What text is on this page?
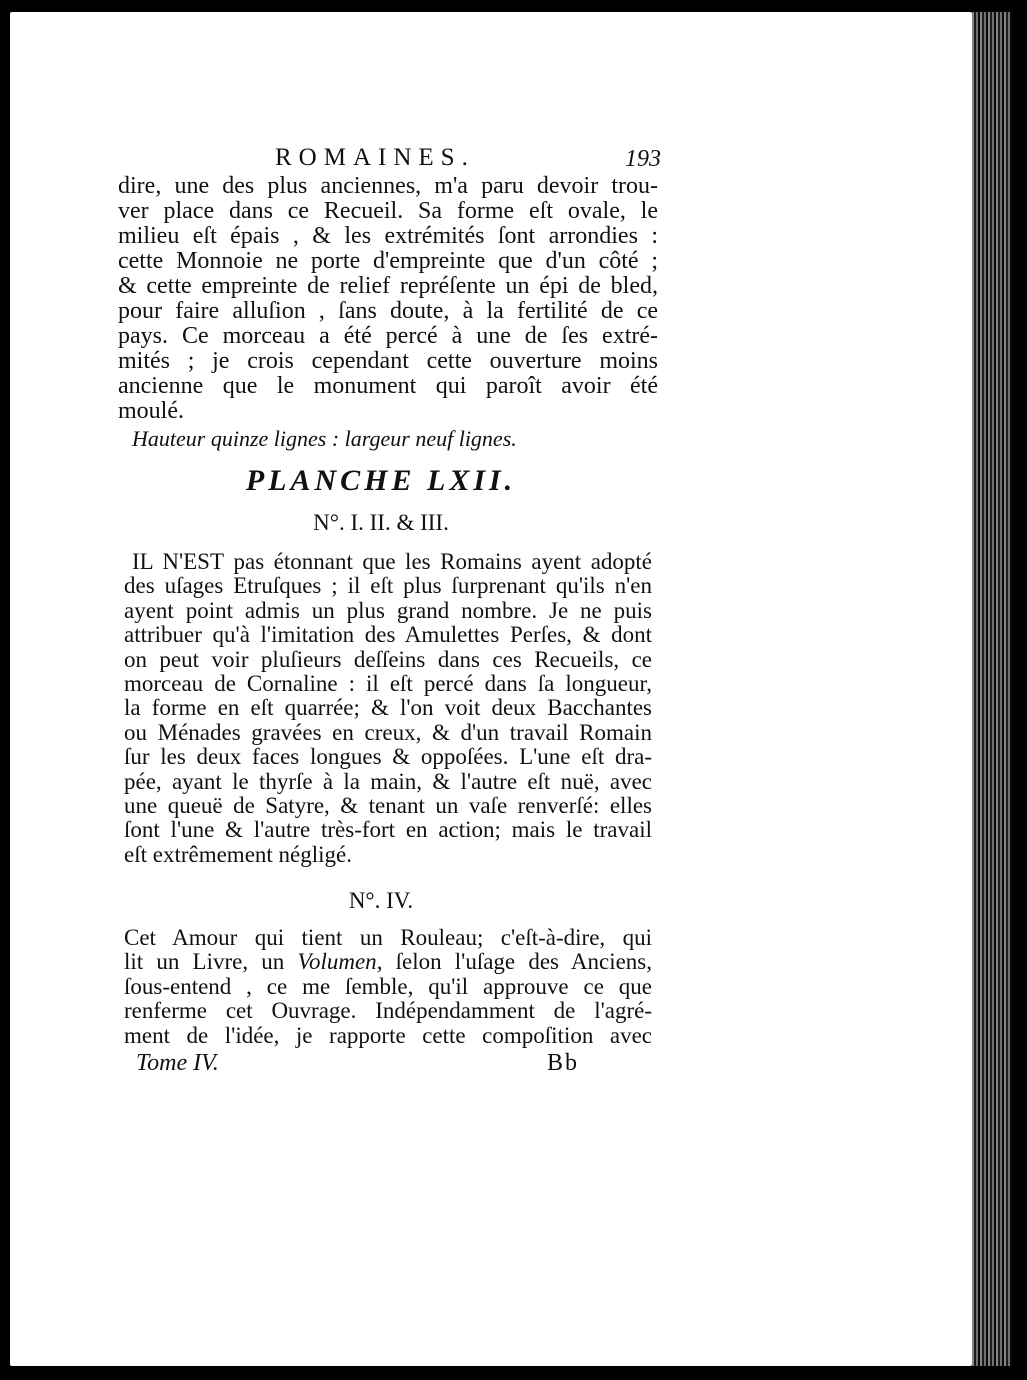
ROMAINES.	193
dire, une des plus anciennes, m'a paru devoir trou-
ver place dans ce Recueil. Sa forme eſt ovale, le
milieu eſt épais , & les extrémités ſont arrondies :
cette Monnoie ne porte d'empreinte que d'un côté ;
& cette empreinte de relief repréſente un épi de bled,
pour faire alluſion , ſans doute, à la fertilité de ce
pays. Ce morceau a été percé à une de ſes extré-
mités ; je crois cependant cette ouverture moins
ancienne que le monument qui paroît avoir été
moulé.
Hauteur quinze lignes : largeur neuf lignes.
PLANCHE LXII.
N°. I. II. & III.
IL N'EST pas étonnant que les Romains ayent adopté
des uſages Etruſques ; il eſt plus ſurprenant qu'ils n'en
ayent point admis un plus grand nombre. Je ne puis
attribuer qu'à l'imitation des Amulettes Perſes, & dont
on peut voir pluſieurs deſſeins dans ces Recueils, ce
morceau de Cornaline : il eſt percé dans ſa longueur,
la forme en eſt quarrée; & l'on voit deux Bacchantes
ou Ménades gravées en creux, & d'un travail Romain
ſur les deux faces longues & oppoſées. L'une eſt dra-
pée, ayant le thyrſe à la main, & l'autre eſt nuë, avec
une queuë de Satyre, & tenant un vaſe renverſé: elles
ſont l'une & l'autre très-fort en action; mais le travail
eſt extrêmement négligé.
N°. IV.
Cet Amour qui tient un Rouleau; c'eſt-à-dire, qui
lit un Livre, un Volumen, ſelon l'uſage des Anciens,
ſous-entend , ce me ſemble, qu'il approuve ce que
renferme cet Ouvrage. Indépendamment de l'agré-
ment de l'idée, je rapporte cette compoſition avec
Tome IV.	Bb
